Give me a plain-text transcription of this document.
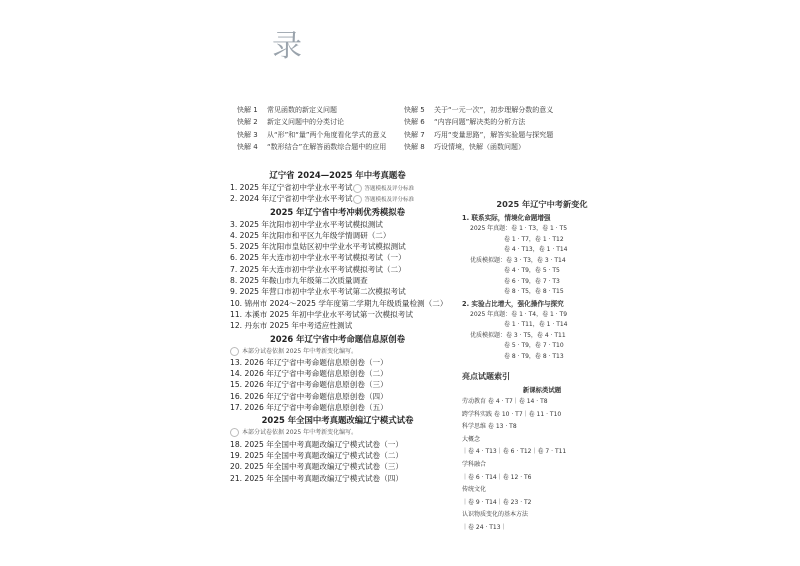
录
快解 1 常见函数的新定义问题
快解 2 新定义问题中的分类讨论
快解 3 从“形”和“量”两个角度看化学式的意义
快解 4 “数形结合”在解答函数综合题中的应用
快解 5 关于“一元一次”，初步理解分数的意义
快解 6 “内容问题”解决类的分析方法
快解 7 巧用“变量思路”，解答实验题与探究题
快解 8 巧设情境，快解（函数问题）
辽宁省 2024—2025 年中考真题卷
1. 2025 年辽宁省初中学业水平考试 答题模板及评分标准
2. 2024 年辽宁省初中学业水平考试 答题模板及评分标准
2025 年辽宁省中考冲刺优秀模拟卷
3. 2025 年沈阳市初中学业水平考试模拟测试
4. 2025 年沈阳市和平区九年级学情调研（二）
5. 2025 年沈阳市皇姑区初中学业水平考试模拟测试
6. 2025 年大连市初中学业水平考试模拟考试（一）
7. 2025 年大连市初中学业水平考试模拟考试（二）
8. 2025 年鞍山市九年级第二次质量调查
9. 2025 年营口市初中学业水平考试第二次模拟考试
10. 锦州市 2024～2025 学年度第二学期九年级质量检测（二）
11. 本溪市 2025 年初中学业水平考试第一次模拟考试
12. 丹东市 2025 年中考适应性测试
2026 年辽宁省中考命题信息原创卷
本部分试卷依据 2025 年中考新变化编写。
13. 2026 年辽宁省中考命题信息原创卷（一）
14. 2026 年辽宁省中考命题信息原创卷（二）
15. 2026 年辽宁省中考命题信息原创卷（三）
16. 2026 年辽宁省中考命题信息原创卷（四）
17. 2026 年辽宁省中考命题信息原创卷（五）
2025 年全国中考真题改编辽宁模式试卷
本部分试卷依据 2025 年中考新变化编写。
18. 2025 年全国中考真题改编辽宁模式试卷（一）
19. 2025 年全国中考真题改编辽宁模式试卷（二）
20. 2025 年全国中考真题改编辽宁模式试卷（三）
21. 2025 年全国中考真题改编辽宁模式试卷（四）
2025 年辽宁中考新变化
1. 联系实际，情境化命题增强
2025 年真题：卷 1 · T3，卷 1 · T5
卷 1 · T7，卷 1 · T12
卷 4 · T13，卷 1 · T14
优质模拟题：卷 3 · T3，卷 3 · T14
卷 4 · T9，卷 5 · T5
卷 6 · T9，卷 7 · T3
卷 8 · T5，卷 8 · T15
2. 实验占比增大，强化操作与探究
2025 年真题：卷 1 · T4，卷 1 · T9
卷 1 · T11，卷 1 · T14
优质模拟题：卷 3 · T5，卷 4 · T11
卷 5 · T9，卷 7 · T10
卷 8 · T9，卷 8 · T13
亮点试题索引
新课标类试题
劳动教育 卷 4 · T7｜卷 14 · T8
跨学科实践 卷 10 · T7｜卷 11 · T10
科学思维 卷 13 · T8
大概念
｜卷 4 · T13｜卷 6 · T12｜卷 7 · T11
学科融合
｜卷 6 · T14｜卷 12 · T6
传统文化
｜卷 9 · T14｜卷 23 · T2
认识物质变化的基本方法
｜卷 24 · T13｜
